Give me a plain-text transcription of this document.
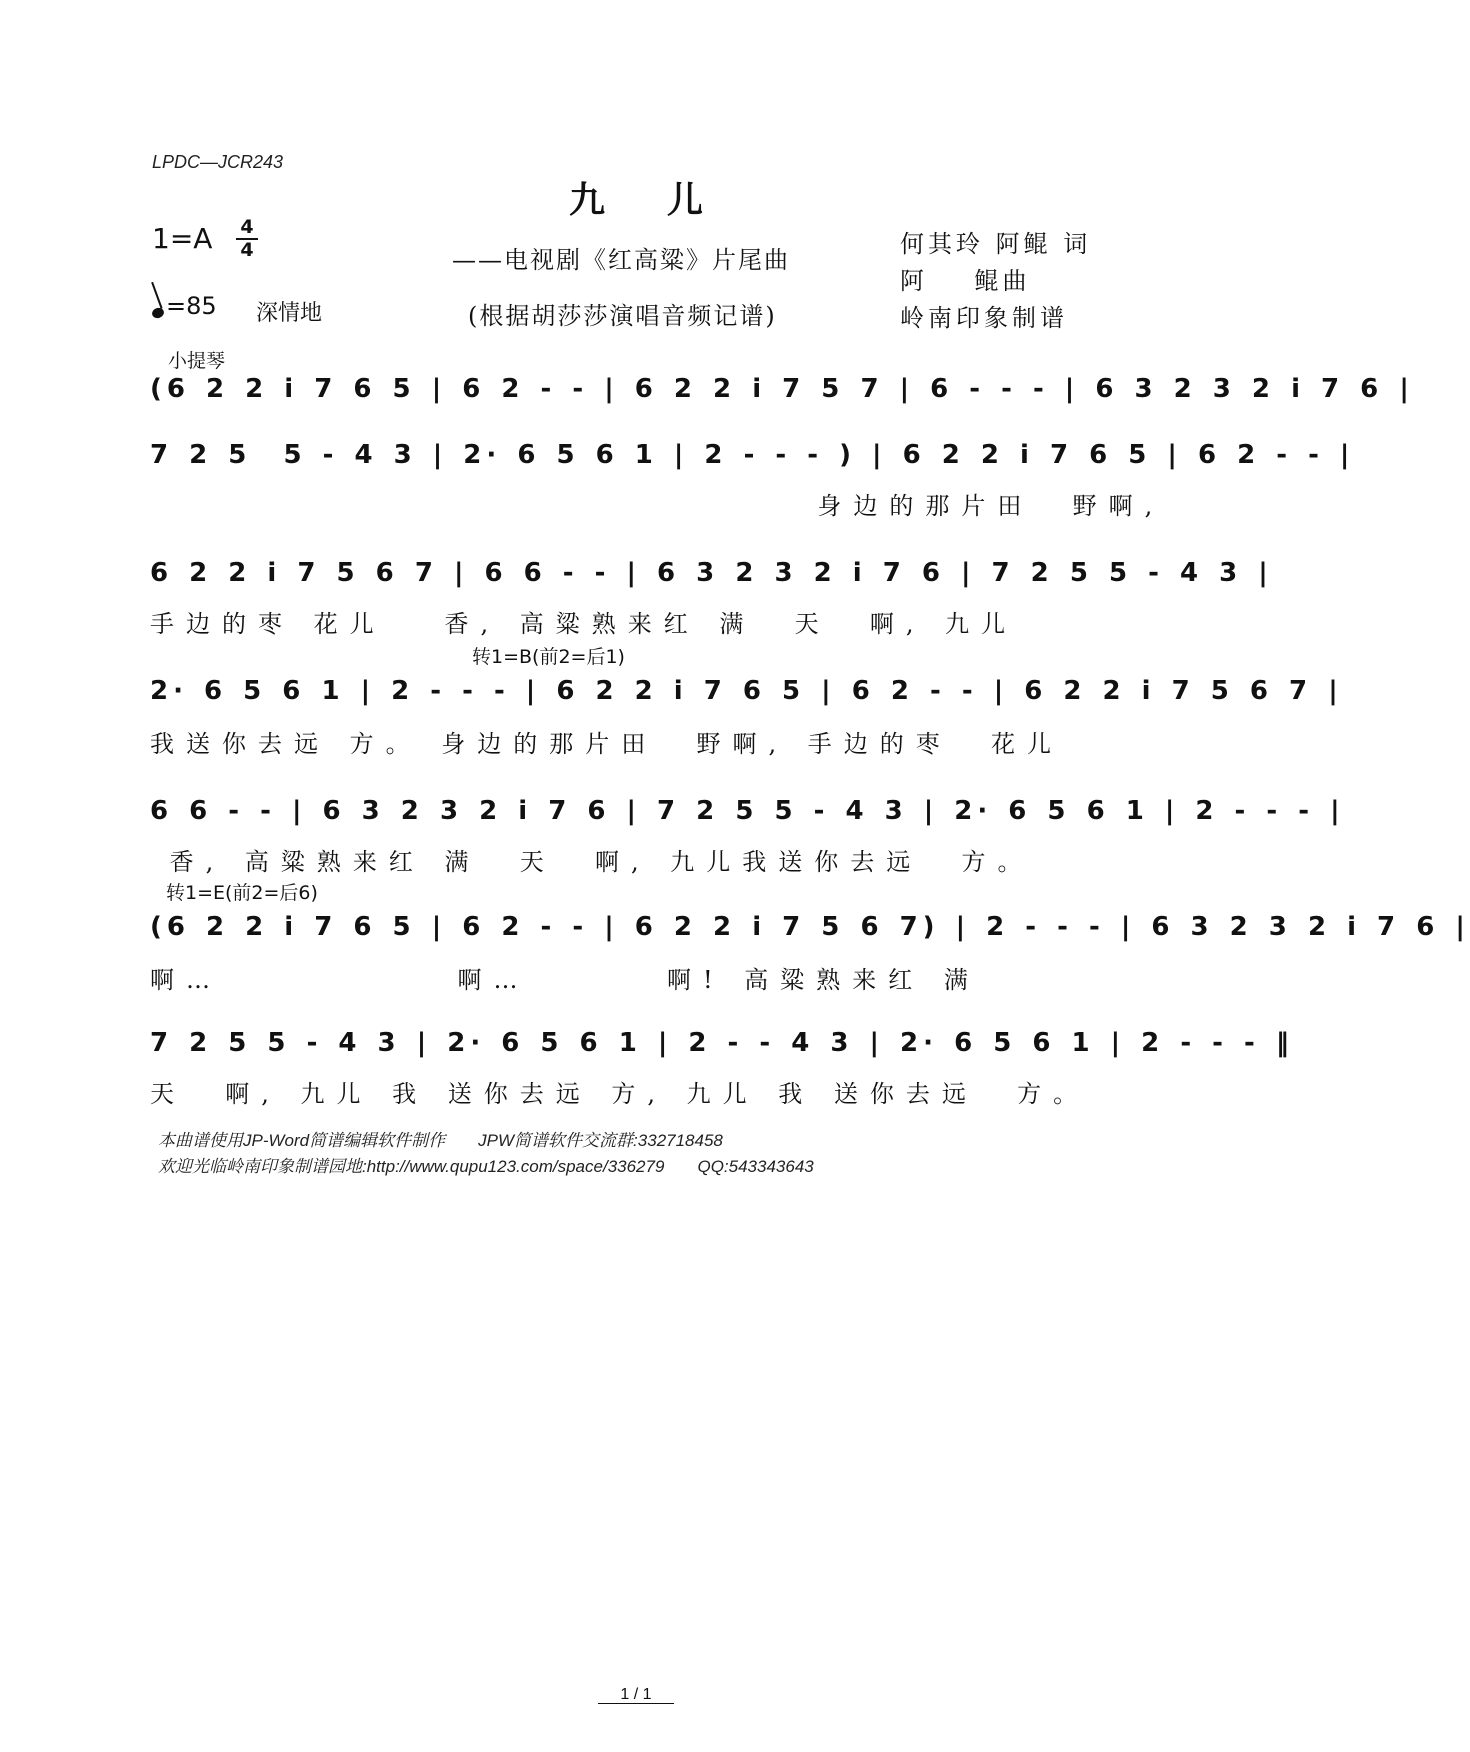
LPDC—JCR243
九儿
1=A 4
4	——电视剧《红高粱》片尾曲
=85 深情地	(根据胡莎莎演唱音频记谱)
何其玲 阿鲲 词
阿    鲲曲
岭南印象制谱
小提琴
(6 2 2 i 7 6 5 | 6 2 - - | 6 2 2 i 7 5 7 | 6 - - - | 6 3 2 3 2 i 7 6 |
7 2 5  5 - 4 3 | 2· 6 5 6 1 | 2 - - - ) | 6 2 2 i 7 6 5 | 6 2 - - |
身边的那片田  野啊,
6 2 2 i 7 5 6 7 | 6 6 - - | 6 3 2 3 2 i 7 6 | 7 2 5 5 - 4 3 |
手边的枣 花儿   香, 高粱熟来红 满  天  啊, 九儿
转1=B(前2=后1)
2· 6 5 6 1 | 2 - - - | 6 2 2 i 7 6 5 | 6 2 - - | 6 2 2 i 7 5 6 7 |
我送你去远 方。 身边的那片田  野啊, 手边的枣  花儿
6 6 - - | 6 3 2 3 2 i 7 6 | 7 2 5 5 - 4 3 | 2· 6 5 6 1 | 2 - - - |
香, 高粱熟来红 满  天  啊, 九儿我送你去远  方。
转1=E(前2=后6)
(6 2 2 i 7 6 5 | 6 2 - - | 6 2 2 i 7 5 6 7) | 2 - - - | 6 3 2 3 2 i 7 6 |
啊…            啊…       啊! 高粱熟来红 满
7 2 5 5 - 4 3 | 2· 6 5 6 1 | 2 - - 4 3 | 2· 6 5 6 1 | 2 - - - ‖
天  啊, 九儿 我 送你去远 方, 九儿 我 送你去远  方。
本曲谱使用JP-Word简谱编辑软件制作       JPW简谱软件交流群:332718458
欢迎光临岭南印象制谱园地:http://www.qupu123.com/space/336279       QQ:543343643
1 / 1
